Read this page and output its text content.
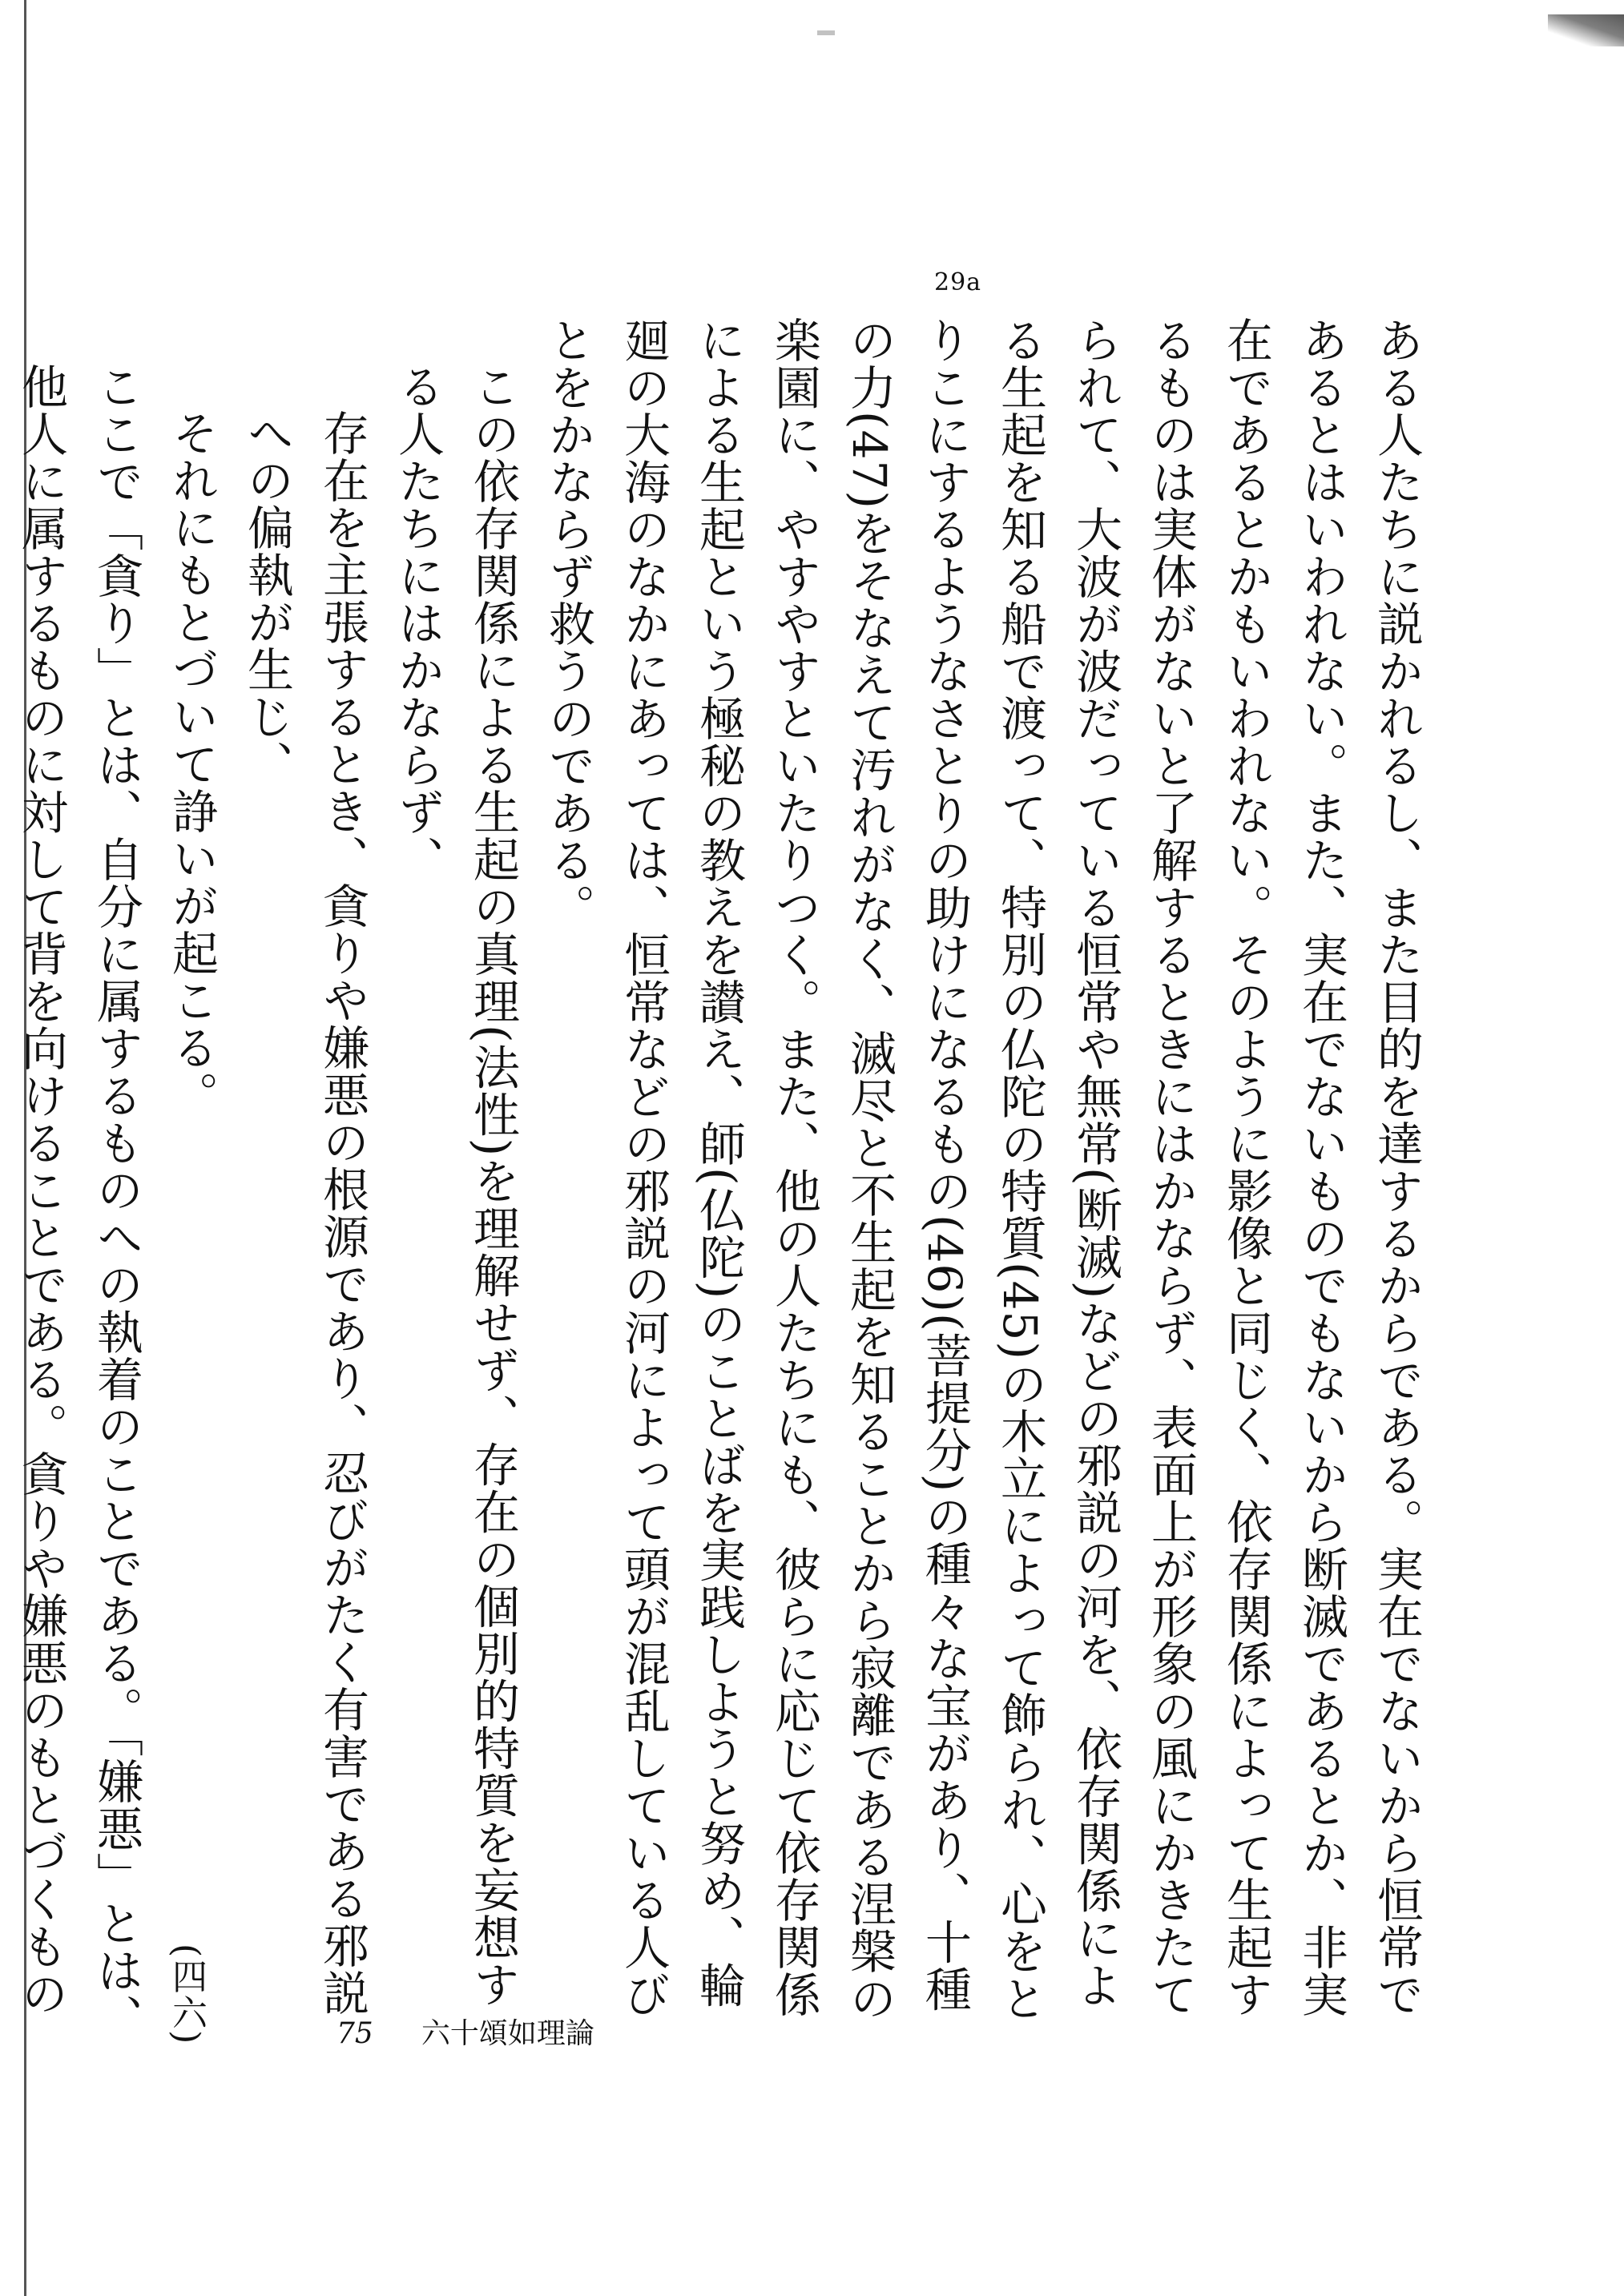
29a

ある人たちに説かれるし、また目的を達するからである。実在でないから恒常であるとはいわれない。また、実在でないものでもないから断滅であるとか、非実在であるとかもいわれない。そのように影像と同じく、依存関係によって生起するものは実体がないと了解するときにはかならず、表面上が形象の風にかきたてられて、大波が波だっている恒常や無常(断滅)などの邪説の河を、依存関係による生起を知る船で渡って、特別の仏陀の特質(45)の木立によって飾られ、心をとりこにするようなさとりの助けになるもの(46)(菩提分)の種々な宝があり、十種の力(47)をそなえて汚れがなく、滅尽と不生起を知ることから寂離である涅槃の楽園に、やすやすといたりつく。また、他の人たちにも、彼らに応じて依存関係による生起という極秘の教えを讃え、師(仏陀)のことばを実践しようと努め、輪廻の大海のなかにあっては、恒常などの邪説の河によって頭が混乱している人びとをかならず救うのである。

この依存関係による生起の真理(法性)を理解せず、存在の個別的特質を妄想する人たちにはかならず、

存在を主張するとき、貪りや嫌悪の根源であり、忍びがたく有害である邪説への偏執が生じ、

それにもとづいて諍いが起こる。
(四六)

ここで「貪り」とは、自分に属するものへの執着のことである。「嫌悪」とは、他人に属するものに対して背を向けることである。貪りや嫌悪のもとづくもの

75 六十頌如理論
